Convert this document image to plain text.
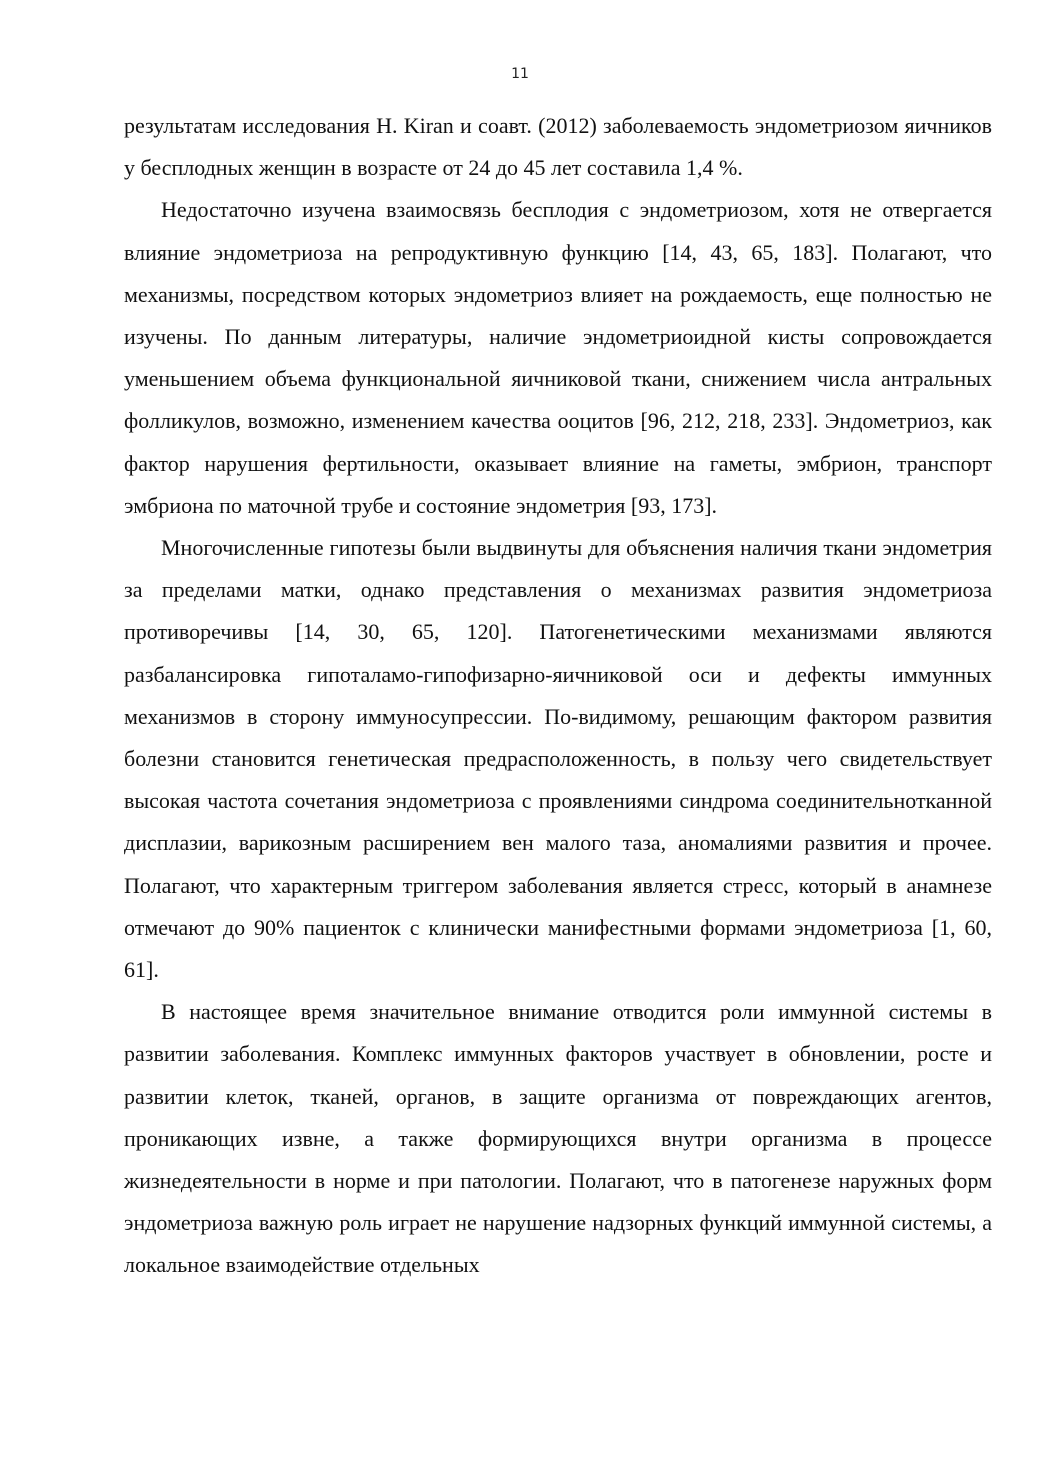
11

результатам исследования H. Kiran и соавт. (2012) заболеваемость эндометриозом яичников у бесплодных женщин в возрасте от 24 до 45 лет составила 1,4 %.

Недостаточно изучена взаимосвязь бесплодия с эндометриозом, хотя не отвергается влияние эндометриоза на репродуктивную функцию [14, 43, 65, 183]. Полагают, что механизмы, посредством которых эндометриоз влияет на рождаемость, еще полностью не изучены. По данным литературы, наличие эндометриоидной кисты сопровождается уменьшением объема функциональной яичниковой ткани, снижением числа антральных фолликулов, возможно, изменением качества ооцитов [96, 212, 218, 233]. Эндометриоз, как фактор нарушения фертильности, оказывает влияние на гаметы, эмбрион, транспорт эмбриона по маточной трубе и состояние эндометрия [93, 173].

Многочисленные гипотезы были выдвинуты для объяснения наличия ткани эндометрия за пределами матки, однако представления о механизмах развития эндометриоза противоречивы [14, 30, 65, 120]. Патогенетическими механизмами являются разбалансировка гипоталамо-гипофизарно-яичниковой оси и дефекты иммунных механизмов в сторону иммуносупрессии. По-видимому, решающим фактором развития болезни становится генетическая предрасположенность, в пользу чего свидетельствует высокая частота сочетания эндометриоза с проявлениями синдрома соединительнотканной дисплазии, варикозным расширением вен малого таза, аномалиями развития и прочее. Полагают, что характерным триггером заболевания является стресс, который в анамнезе отмечают до 90% пациенток с клинически манифестными формами эндометриоза [1, 60, 61].

В настоящее время значительное внимание отводится роли иммунной системы в развитии заболевания. Комплекс иммунных факторов участвует в обновлении, росте и развитии клеток, тканей, органов, в защите организма от повреждающих агентов, проникающих извне, а также формирующихся внутри организма в процессе жизнедеятельности в норме и при патологии. Полагают, что в патогенезе наружных форм эндометриоза важную роль играет не нарушение надзорных функций иммунной системы, а локальное взаимодействие отдельных
